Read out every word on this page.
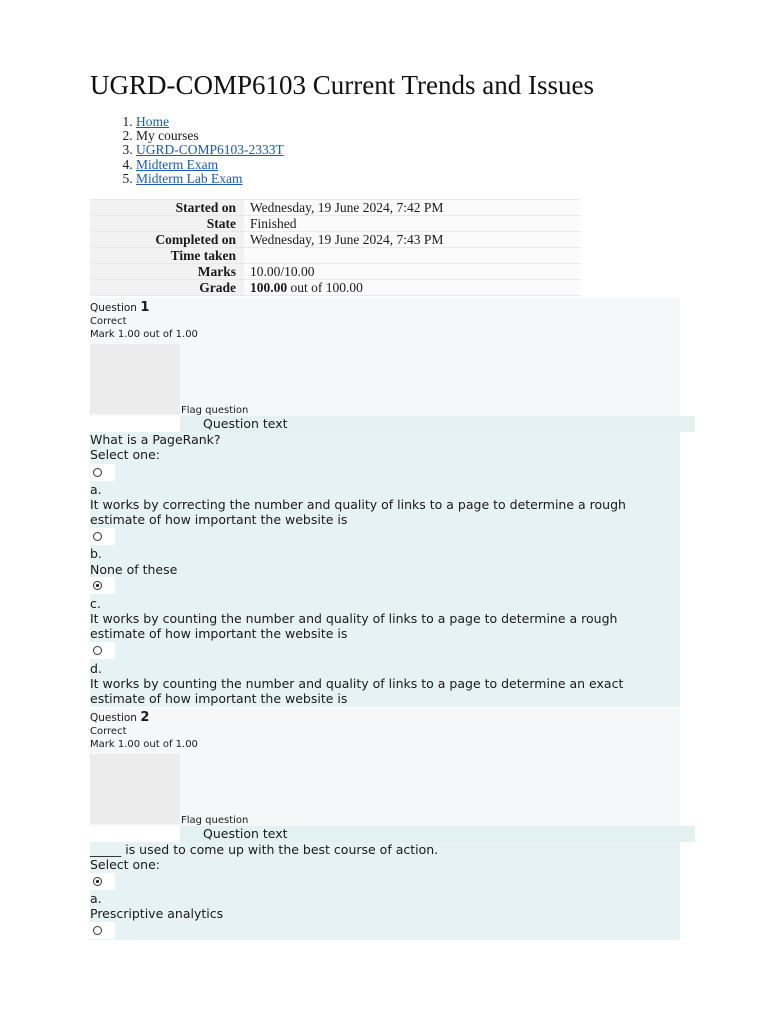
UGRD-COMP6103 Current Trends and Issues
1. Home
2. My courses
3. UGRD-COMP6103-2333T
4. Midterm Exam
5. Midterm Lab Exam
Started on	Wednesday, 19 June 2024, 7:42 PM
State	Finished
Completed on	Wednesday, 19 June 2024, 7:43 PM
Time taken	
Marks	10.00/10.00
Grade	100.00 out of 100.00
Question 1
Correct
Mark 1.00 out of 1.00
Flag question
Question text
What is a PageRank?
Select one:
a.
It works by correcting the number and quality of links to a page to determine a rough estimate of how important the website is
b.
None of these
c.
It works by counting the number and quality of links to a page to determine a rough estimate of how important the website is
d.
It works by counting the number and quality of links to a page to determine an exact estimate of how important the website is
Question 2
Correct
Mark 1.00 out of 1.00
Flag question
Question text
_____ is used to come up with the best course of action.
Select one:
a.
Prescriptive analytics
